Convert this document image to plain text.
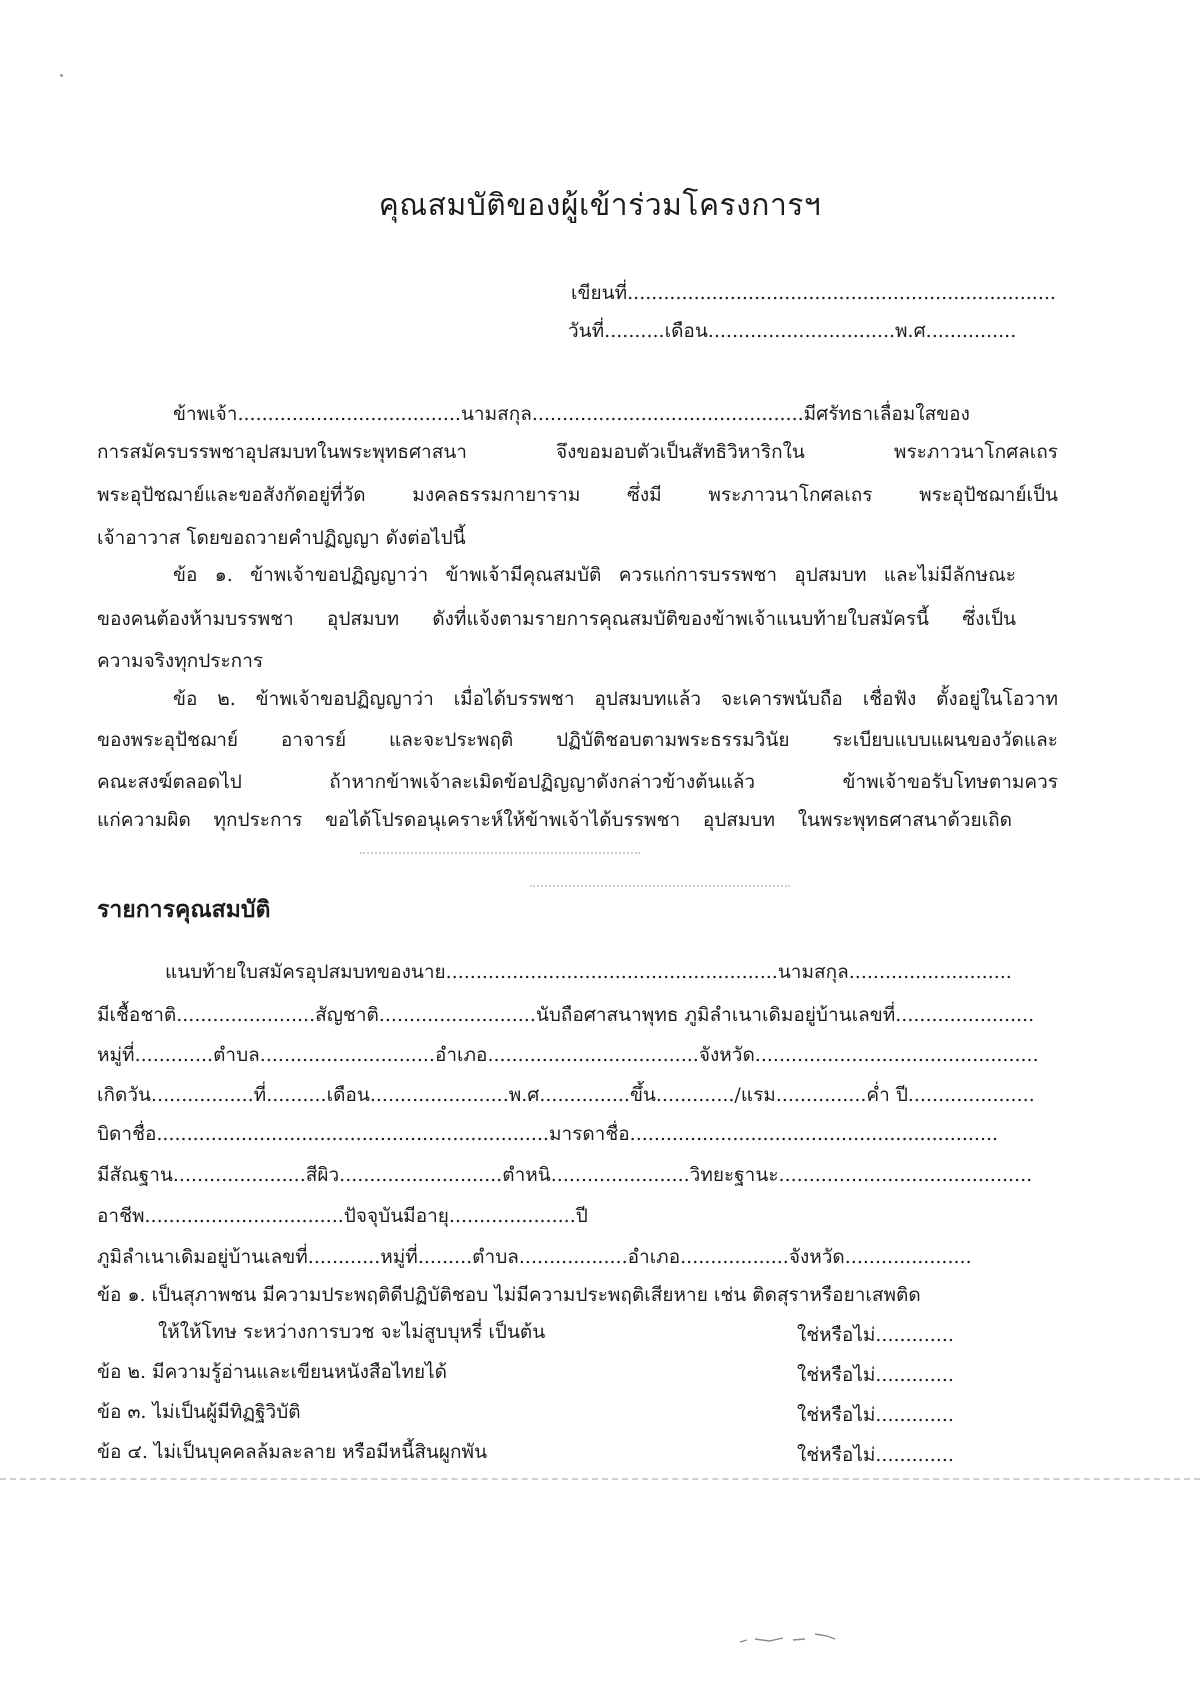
คุณสมบัติของผู้เข้าร่วมโครงการฯ
เขียนที่.......................................................................
วันที่..........เดือน...............................พ.ศ...............
ข้าพเจ้า.....................................นามสกุล.............................................มีศรัทธาเลื่อมใสของ
การสมัครบรรพชาอุปสมบทในพระพุทธศาสนา จึงขอมอบตัวเป็นสัทธิวิหาริกใน พระภาวนาโกศลเถร
พระอุปัชฌาย์และขอสังกัดอยู่ที่วัด มงคลธรรมกายาราม ซึ่งมี พระภาวนาโกศลเถร พระอุปัชฌาย์เป็น
เจ้าอาวาส โดยขอถวายคำปฏิญญา ดังต่อไปนี้
ข้อ ๑. ข้าพเจ้าขอปฏิญญาว่า ข้าพเจ้ามีคุณสมบัติ ควรแก่การบรรพชา อุปสมบท และไม่มีลักษณะ
ของคนต้องห้ามบรรพชา อุปสมบท ดังที่แจ้งตามรายการคุณสมบัติของข้าพเจ้าแนบท้ายใบสมัครนี้ ซึ่งเป็น
ความจริงทุกประการ
ข้อ ๒. ข้าพเจ้าขอปฏิญญาว่า เมื่อได้บรรพชา อุปสมบทแล้ว จะเคารพนับถือ เชื่อฟัง ตั้งอยู่ในโอวาท
ของพระอุปัชฌาย์ อาจารย์ และจะประพฤติ ปฏิบัติชอบตามพระธรรมวินัย ระเบียบแบบแผนของวัดและ
คณะสงฆ์ตลอดไป ถ้าหากข้าพเจ้าละเมิดข้อปฏิญญาดังกล่าวข้างต้นแล้ว ข้าพเจ้าขอรับโทษตามควร
แก่ความผิด ทุกประการ ขอได้โปรดอนุเคราะห์ให้ข้าพเจ้าได้บรรพชา อุปสมบท ในพระพุทธศาสนาด้วยเถิด
รายการคุณสมบัติ
แนบท้ายใบสมัครอุปสมบทของนาย.......................................................นามสกุล...........................
มีเชื้อชาติ.......................สัญชาติ..........................นับถือศาสนาพุทธ ภูมิลำเนาเดิมอยู่บ้านเลขที่.......................
หมู่ที่.............ตำบล.............................อำเภอ...................................จังหวัด...............................................
เกิดวัน.................ที่..........เดือน.......................พ.ศ...............ขึ้น............./แรม...............ค่ำ ปี.....................
บิดาชื่อ.................................................................มารดาชื่อ.............................................................
มีสัณฐาน......................สีผิว...........................ตำหนิ.......................วิทยะฐานะ..........................................
อาชีพ.................................ปัจจุบันมีอายุ.....................ปี
ภูมิลำเนาเดิมอยู่บ้านเลขที่............หมู่ที่.........ตำบล..................อำเภอ..................จังหวัด.....................
ข้อ ๑. เป็นสุภาพชน มีความประพฤติดีปฏิบัติชอบ ไม่มีความประพฤติเสียหาย เช่น ติดสุราหรือยาเสพติด
ให้ให้โทษ ระหว่างการบวช จะไม่สูบบุหรี่ เป็นต้น	ใช่หรือไม่.............
ข้อ ๒. มีความรู้อ่านและเขียนหนังสือไทยได้	ใช่หรือไม่.............
ข้อ ๓. ไม่เป็นผู้มีทิฏฐิวิบัติ	ใช่หรือไม่.............
ข้อ ๔. ไม่เป็นบุคคลล้มละลาย หรือมีหนี้สินผูกพัน	ใช่หรือไม่.............
